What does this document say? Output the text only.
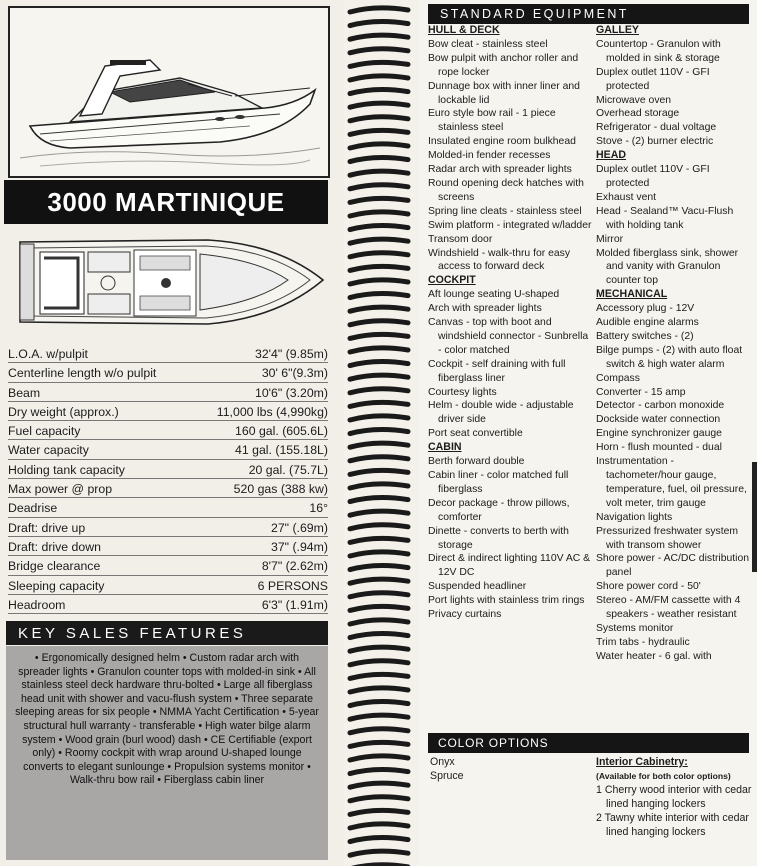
3000 MARTINIQUE
L.O.A. w/pulpit	32'4" (9.85m)
Centerline length w/o pulpit	30' 6"(9.3m)
Beam	10'6" (3.20m)
Dry weight (approx.)	11,000 lbs (4,990kg)
Fuel capacity	160 gal. (605.6L)
Water capacity	41 gal. (155.18L)
Holding tank capacity	20 gal. (75.7L)
Max power @ prop	520 gas (388 kw)
Deadrise	16°
Draft: drive up	27" (.69m)
Draft: drive down	37" (.94m)
Bridge clearance	8'7" (2.62m)
Sleeping capacity	6 PERSONS
Headroom	6'3" (1.91m)
KEY SALES FEATURES
• Ergonomically designed helm • Custom radar arch with spreader lights • Granulon counter tops with molded-in sink • All stainless steel deck hardware thru-bolted • Large all fiberglass head unit with shower and vacu-flush system • Three separate sleeping areas for six people • NMMA Yacht Certification • 5-year structural hull warranty - transferable • High water bilge alarm system • Wood grain (burl wood) dash • CE Certifiable (export only) • Roomy cockpit with wrap around U-shaped lounge converts to elegant sunlounge • Propulsion systems monitor • Walk-thru bow rail • Fiberglass cabin liner
STANDARD EQUIPMENT
HULL & DECK
Bow cleat - stainless steel
Bow pulpit with anchor roller and rope locker
Dunnage box with inner liner and lockable lid
Euro style bow rail - 1 piece stainless steel
Insulated engine room bulkhead
Molded-in fender recesses
Radar arch with spreader lights
Round opening deck hatches with screens
Spring line cleats - stainless steel
Swim platform - integrated w/ladder
Transom door
Windshield - walk-thru for easy access to forward deck
COCKPIT
Aft lounge seating U-shaped
Arch with spreader lights
Canvas - top with boot and windshield connector - Sunbrella - color matched
Cockpit - self draining with full fiberglass liner
Courtesy lights
Helm - double wide - adjustable driver side
Port seat convertible
CABIN
Berth forward double
Cabin liner - color matched full fiberglass
Decor package - throw pillows, comforter
Dinette - converts to berth with storage
Direct & indirect lighting 110V AC & 12V DC
Suspended headliner
Port lights with stainless trim rings
Privacy curtains
GALLEY
Countertop - Granulon with molded in sink & storage
Duplex outlet 110V - GFI protected
Microwave oven
Overhead storage
Refrigerator - dual voltage
Stove - (2) burner electric
HEAD
Duplex outlet 110V - GFI protected
Exhaust vent
Head - Sealand™ Vacu-Flush with holding tank
Mirror
Molded fiberglass sink, shower and vanity with Granulon counter top
MECHANICAL
Accessory plug - 12V
Audible engine alarms
Battery switches - (2)
Bilge pumps - (2) with auto float switch & high water alarm
Compass
Converter - 15 amp
Detector - carbon monoxide
Dockside water connection
Engine synchronizer gauge
Horn - flush mounted - dual
Instrumentation - tachometer/hour gauge, temperature, fuel, oil pressure, volt meter, trim gauge
Navigation lights
Pressurized freshwater system with transom shower
Shore power - AC/DC distribution panel
Shore power cord - 50'
Stereo - AM/FM cassette with 4 speakers - weather resistant
Systems monitor
Trim tabs - hydraulic
Water heater - 6 gal. with
COLOR OPTIONS
Onyx
Spruce
Interior Cabinetry:
(Available for both color options)
1 Cherry wood interior with cedar lined hanging lockers
2 Tawny white interior with cedar lined hanging lockers
